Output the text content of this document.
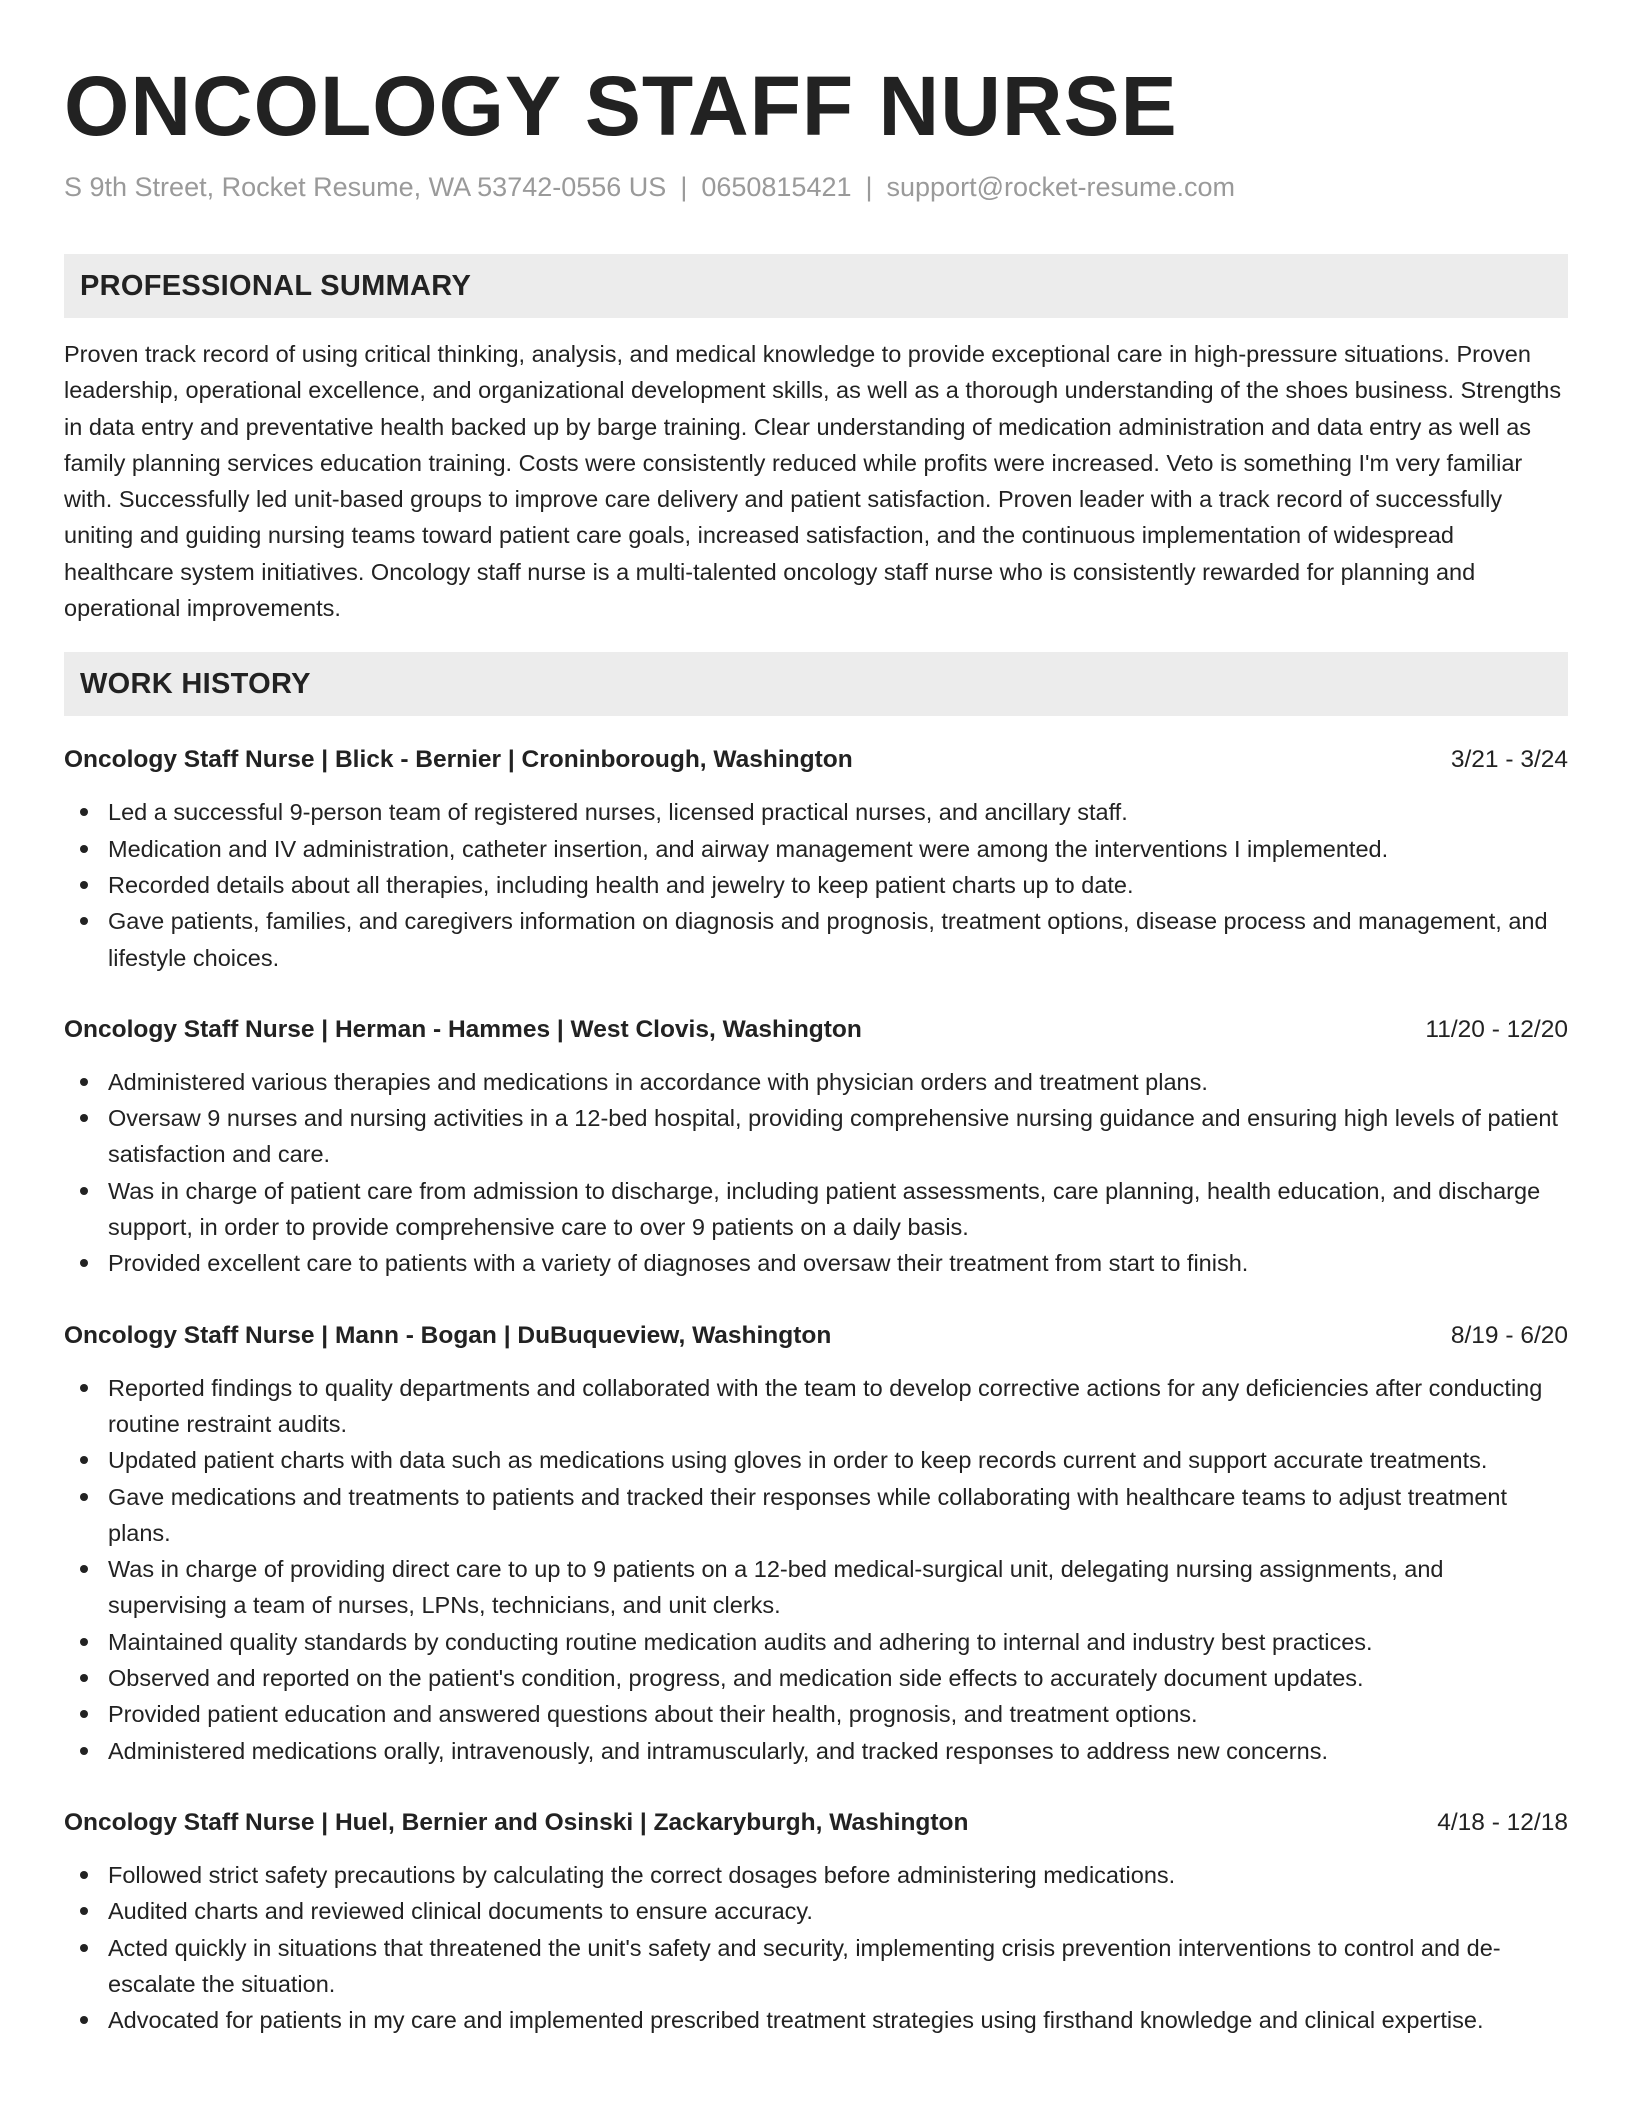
ONCOLOGY STAFF NURSE
S 9th Street, Rocket Resume, WA 53742-0556 US | 0650815421 | support@rocket-resume.com
PROFESSIONAL SUMMARY

Proven track record of using critical thinking, analysis, and medical knowledge to provide exceptional care in high-pressure situations. Proven leadership, operational excellence, and organizational development skills, as well as a thorough understanding of the shoes business. Strengths in data entry and preventative health backed up by barge training. Clear understanding of medication administration and data entry as well as family planning services education training. Costs were consistently reduced while profits were increased. Veto is something I'm very familiar with. Successfully led unit-based groups to improve care delivery and patient satisfaction. Proven leader with a track record of successfully uniting and guiding nursing teams toward patient care goals, increased satisfaction, and the continuous implementation of widespread healthcare system initiatives. Oncology staff nurse is a multi-talented oncology staff nurse who is consistently rewarded for planning and operational improvements.

WORK HISTORY
Oncology Staff Nurse | Blick - Bernier | Croninborough, Washington	3/21 - 3/24
Led a successful 9-person team of registered nurses, licensed practical nurses, and ancillary staff.
Medication and IV administration, catheter insertion, and airway management were among the interventions I implemented.
Recorded details about all therapies, including health and jewelry to keep patient charts up to date.
Gave patients, families, and caregivers information on diagnosis and prognosis, treatment options, disease process and management, and lifestyle choices.
Oncology Staff Nurse | Herman - Hammes | West Clovis, Washington	11/20 - 12/20
Administered various therapies and medications in accordance with physician orders and treatment plans.
Oversaw 9 nurses and nursing activities in a 12-bed hospital, providing comprehensive nursing guidance and ensuring high levels of patient satisfaction and care.
Was in charge of patient care from admission to discharge, including patient assessments, care planning, health education, and discharge support, in order to provide comprehensive care to over 9 patients on a daily basis.
Provided excellent care to patients with a variety of diagnoses and oversaw their treatment from start to finish.
Oncology Staff Nurse | Mann - Bogan | DuBuqueview, Washington	8/19 - 6/20
Reported findings to quality departments and collaborated with the team to develop corrective actions for any deficiencies after conducting routine restraint audits.
Updated patient charts with data such as medications using gloves in order to keep records current and support accurate treatments.
Gave medications and treatments to patients and tracked their responses while collaborating with healthcare teams to adjust treatment plans.
Was in charge of providing direct care to up to 9 patients on a 12-bed medical-surgical unit, delegating nursing assignments, and supervising a team of nurses, LPNs, technicians, and unit clerks.
Maintained quality standards by conducting routine medication audits and adhering to internal and industry best practices.
Observed and reported on the patient's condition, progress, and medication side effects to accurately document updates.
Provided patient education and answered questions about their health, prognosis, and treatment options.
Administered medications orally, intravenously, and intramuscularly, and tracked responses to address new concerns.
Oncology Staff Nurse | Huel, Bernier and Osinski | Zackaryburgh, Washington	4/18 - 12/18
Followed strict safety precautions by calculating the correct dosages before administering medications.
Audited charts and reviewed clinical documents to ensure accuracy.
Acted quickly in situations that threatened the unit's safety and security, implementing crisis prevention interventions to control and de-escalate the situation.
Advocated for patients in my care and implemented prescribed treatment strategies using firsthand knowledge and clinical expertise.
